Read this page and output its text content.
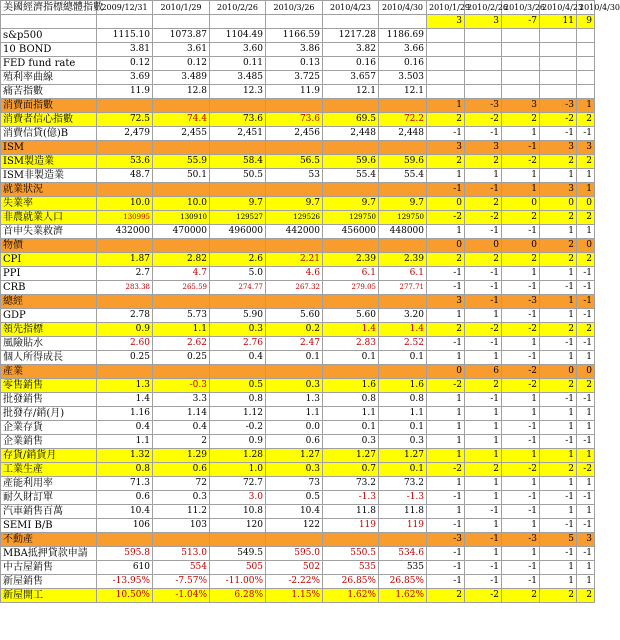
美國經濟指標總體指數	2009/12/31	2010/1/29	2010/2/26	2010/3/26	2010/4/23	2010/4/30	2010/1/29	2010/2/26	2010/3/26	2010/4/23	2010/4/30
							3	3	-7	11	9
s&p500	1115.10	1073.87	1104.49	1166.59	1217.28	1186.69					
10 BOND	3.81	3.61	3.60	3.86	3.82	3.66					
FED fund rate	0.12	0.12	0.11	0.13	0.16	0.16					
殖利率曲線	3.69	3.489	3.485	3.725	3.657	3.503					
痛苦指數	11.9	12.8	12.3	11.9	12.1	12.1					
消費面指數							1	-3	3	-3	1
消費者信心指數	72.5	74.4	73.6	73.6	69.5	72.2	2	-2	2	-2	2
消費信貸(億)B	2,479	2,455	2,451	2,456	2,448	2,448	-1	-1	1	-1	-1
ISM							3	3	-1	3	3
ISM製造業	53.6	55.9	58.4	56.5	59.6	59.6	2	2	-2	2	2
ISM非製造業	48.7	50.1	50.5	53	55.4	55.4	1	1	1	1	1
就業狀況							-1	-1	1	3	1
失業率	10.0	10.0	9.7	9.7	9.7	9.7	0	2	0	0	0
非農就業人口	130995	130910	129527	129526	129750	129750	-2	-2	2	2	2
首申失業救濟	432000	470000	496000	442000	456000	448000	1	-1	-1	1	1
物價							0	0	0	2	0
CPI	1.87	2.82	2.6	2.21	2.39	2.39	2	2	2	2	2
PPI	2.7	4.7	5.0	4.6	6.1	6.1	-1	-1	1	1	-1
CRB	283.38	265.59	274.77	267.32	279.05	277.71	-1	-1	-1	-1	-1
總經							3	-1	-3	1	-1
GDP	2.78	5.73	5.90	5.60	5.60	3.20	1	1	-1	1	-1
領先指標	0.9	1.1	0.3	0.2	1.4	1.4	2	-2	-2	2	2
風險貼水	2.60	2.62	2.76	2.47	2.83	2.52	-1	-1	1	-1	-1
個人所得成長	0.25	0.25	0.4	0.1	0.1	0.1	1	1	-1	1	1
產業							0	6	-2	0	0
零售銷售	1.3	-0.3	0.5	0.3	1.6	1.6	-2	2	-2	2	2
批發銷售	1.4	3.3	0.8	1.3	0.8	0.8	1	-1	1	-1	-1
批發存/銷(月)	1.16	1.14	1.12	1.1	1.1	1.1	1	1	1	1	1
企業存貨	0.4	0.4	-0.2	0.0	0.1	0.1	1	1	-1	1	1
企業銷售	1.1	2	0.9	0.6	0.3	0.3	1	1	-1	-1	-1
存貨/銷貨月	1.32	1.29	1.28	1.27	1.27	1.27	1	1	1	1	1
工業生產	0.8	0.6	1.0	0.3	0.7	0.1	-2	2	-2	2	-2
產能利用率	71.3	72	72.7	73	73.2	73.2	1	1	1	1	1
耐久財訂單	0.6	0.3	3.0	0.5	-1.3	-1.3	-1	1	-1	-1	-1
汽車銷售百萬	10.4	11.2	10.8	10.4	11.8	11.8	1	-1	-1	1	1
SEMI B/B	106	103	120	122	119	119	-1	1	1	-1	-1
不動產							-3	-1	-3	5	3
MBA抵押貸款申請	595.8	513.0	549.5	595.0	550.5	534.6	-1	1	1	-1	-1
中古屋銷售	610	554	505	502	535	535	-1	-1	-1	1	1
新屋銷售	-13.95%	-7.57%	-11.00%	-2.22%	26.85%	26.85%	-1	-1	-1	1	1
新屋開工	10.50%	-1.04%	6.28%	1.15%	1.62%	1.62%	2	-2	2	2	2
